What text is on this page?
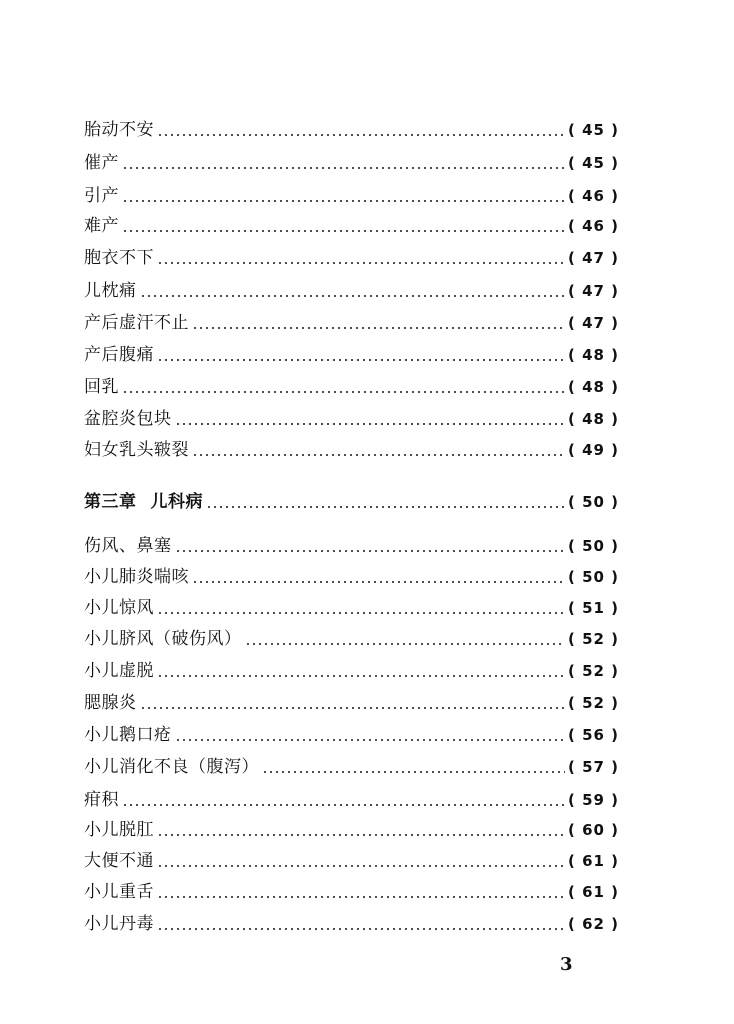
胎动不安	( 45 )
催产	( 45 )
引产	( 46 )
难产	( 46 )
胞衣不下	( 47 )
儿枕痛	( 47 )
产后虚汗不止	( 47 )
产后腹痛	( 48 )
回乳	( 48 )
盆腔炎包块	( 48 )
妇女乳头皲裂	( 49 )
第三章 儿科病	( 50 )
伤风、鼻塞	( 50 )
小儿肺炎喘咳	( 50 )
小儿惊风	( 51 )
小儿脐风（破伤风）	( 52 )
小儿虚脱	( 52 )
腮腺炎	( 52 )
小儿鹅口疮	( 56 )
小儿消化不良（腹泻）	( 57 )
疳积	( 59 )
小儿脱肛	( 60 )
大便不通	( 61 )
小儿重舌	( 61 )
小儿丹毒	( 62 )
3
